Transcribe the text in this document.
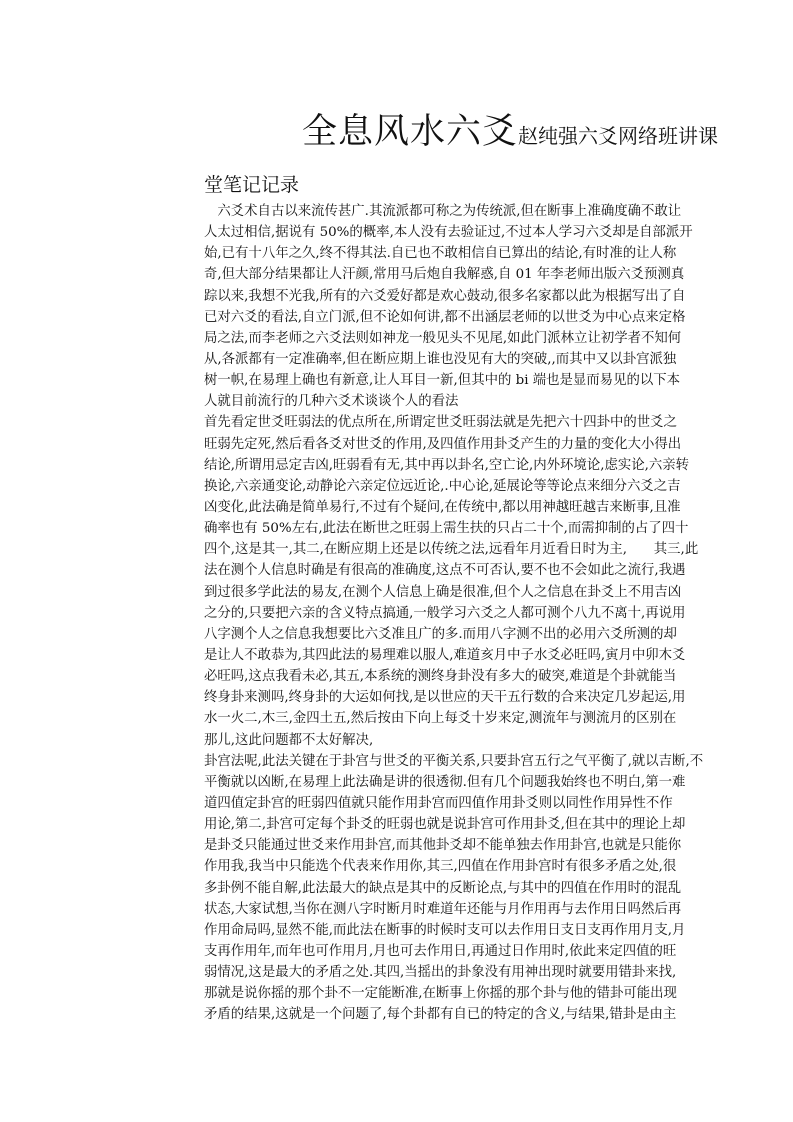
全息风水六爻赵纯强六爻网络班讲课
堂笔记记录
　六爻术自古以来流传甚广.其流派都可称之为传统派,但在断事上准确度确不敢让
人太过相信,据说有 50%的概率,本人没有去验证过,不过本人学习六爻却是自部派开
始,已有十八年之久,终不得其法.自已也不敢相信自已算出的结论,有时准的让人称
奇,但大部分结果都让人汗颜,常用马后炮自我解惑,自 01 年李老师出版六爻预测真
踪以来,我想不光我,所有的六爻爱好都是欢心鼓动,很多名家都以此为根据写出了自
已对六爻的看法,自立门派,但不论如何讲,都不出涵层老师的以世爻为中心点来定格
局之法,而李老师之六爻法则如神龙一般见头不见尾,如此门派林立让初学者不知何
从,各派都有一定准确率,但在断应期上谁也没见有大的突破,,而其中又以卦宫派独
树一帜,在易理上确也有新意,让人耳目一新,但其中的 bi 端也是显而易见的以下本
人就目前流行的几种六爻术谈谈个人的看法
首先看定世爻旺弱法的优点所在,所谓定世爻旺弱法就是先把六十四卦中的世爻之
旺弱先定死,然后看各爻对世爻的作用,及四值作用卦爻产生的力量的变化大小得出
结论,所谓用忌定吉凶,旺弱看有无,其中再以卦名,空亡论,内外环境论,虑实论,六亲转
换论,六亲通变论,动静论六亲定位远近论,.中心论,延展论等等论点来细分六爻之吉
凶变化,此法确是简单易行,不过有个疑问,在传统中,都以用神越旺越吉来断事,且准
确率也有 50%左右,此法在断世之旺弱上需生扶的只占二十个,而需抑制的占了四十
四个,这是其一,其二,在断应期上还是以传统之法,远看年月近看日时为主,　　其三,此
法在测个人信息时确是有很高的准确度,这点不可否认,要不也不会如此之流行,我遇
到过很多学此法的易友,在测个人信息上确是很准,但个人之信息在卦爻上不用吉凶
之分的,只要把六亲的含义特点搞通,一般学习六爻之人都可测个八九不离十,再说用
八字测个人之信息我想要比六爻准且广的多.而用八字测不出的必用六爻所测的却
是让人不敢恭为,其四此法的易理难以服人,难道亥月中子水爻必旺吗,寅月中卯木爻
必旺吗,这点我看未必,其五,本系统的测终身卦没有多大的破突,难道是个卦就能当
终身卦来测吗,终身卦的大运如何找,是以世应的天干五行数的合来决定几岁起运,用
水一火二,木三,金四土五,然后按由下向上每爻十岁来定,测流年与测流月的区别在
那儿,这此问题都不太好解决,
卦宫法呢,此法关键在于卦宫与世爻的平衡关系,只要卦宫五行之气平衡了,就以吉断,不
平衡就以凶断,在易理上此法确是讲的很透彻.但有几个问题我始终也不明白,第一难
道四值定卦宫的旺弱四值就只能作用卦宫而四值作用卦爻则以同性作用异性不作
用论,第二,卦宫可定每个卦爻的旺弱也就是说卦宫可作用卦爻,但在其中的理论上却
是卦爻只能通过世爻来作用卦宫,而其他卦爻却不能单独去作用卦宫,也就是只能你
作用我,我当中只能选个代表来作用你,其三,四值在作用卦宫时有很多矛盾之处,很
多卦例不能自解,此法最大的缺点是其中的反断论点,与其中的四值在作用时的混乱
状态,大家试想,当你在测八字时断月时难道年还能与月作用再与去作用日吗然后再
作用命局吗,显然不能,而此法在断事的时候时支可以去作用日支日支再作用月支,月
支再作用年,而年也可作用月,月也可去作用日,再通过日作用时,依此来定四值的旺
弱情况,这是最大的矛盾之处.其四,当摇出的卦象没有用神出现时就要用错卦来找,
那就是说你摇的那个卦不一定能断准,在断事上你摇的那个卦与他的错卦可能出现
矛盾的结果,这就是一个问题了,每个卦都有自已的特定的含义,与结果,错卦是由主
